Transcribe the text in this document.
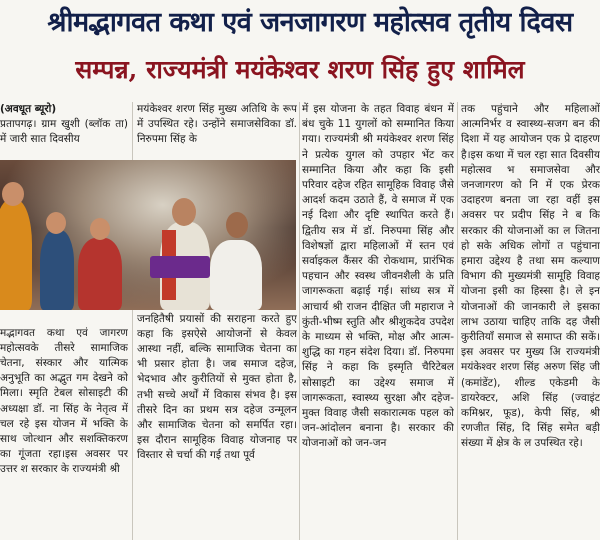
श्रीमद्भागवत कथा एवं जनजागरण महोत्सव तृतीय दिवस
सम्पन्न, राज्यमंत्री मयंकेश्वर शरण सिंह हुए शामिल

(अवधूत ब्यूरो)

प्रतापगढ़। ग्राम खुशी (ब्लॉक ता) में जारी सात दिवसीय

मद्भागवत कथा एवं जागरण महोत्सवके तीसरे सामाजिक चेतना, संस्कार और यात्मिक अनुभूति का अद्भुत गम देखने को मिला। स्मृति टेबल सोसाइटी की अध्यक्षा डॉ. ना सिंह के नेतृत्व में चल रहे इस योजन में भक्ति के साथ जोत्थान और सशक्तिकरण का गूंजता रहा।इस अवसर पर उत्तर श सरकार के राज्यमंत्री श्री

मयंकेश्वर शरण सिंह मुख्य अतिथि के रूप में उपस्थित रहे। उन्होंने समाजसेविका डॉ. निरुपमा सिंह के

जनहितैषी प्रयासों की सराहना करते हुए कहा कि इसऐसे आयोजनों से केवल आस्था नहीं, बल्कि सामाजिक चेतना का भी प्रसार होता है। जब समाज दहेज, भेदभाव और कुरीतियों से मुक्त होता है, तभी सच्चे अर्थों में विकास संभव है। इस तीसरे दिन का प्रथम सत्र दहेज उन्मूलन और सामाजिक चेतना को समर्पित रहा। इस दौरान सामूहिक विवाह योजनाह पर विस्तार से चर्चा की गई तथा पूर्व

में इस योजना के तहत विवाह बंधन में बंध चुके 11 युगलों को सम्मानित किया गया। राज्यमंत्री श्री मयंकेश्वर शरण सिंह ने प्रत्येक युगल को उपहार भेंट कर सम्मानित किया और कहा कि इसी परिवार दहेज रहित सामूहिक विवाह जैसे आदर्श कदम उठाते हैं, वे समाज में एक नई दिशा और दृष्टि स्थापित करते हैं। द्वितीय सत्र में डॉ. निरुपमा सिंह और विशेषज्ञों द्वारा महिलाओं में स्तन एवं सर्वाइकल कैंसर की रोकथाम, प्रारंभिक पहचान और स्वस्थ जीवनशैली के प्रति जागरूकता बढ़ाई गई। सांध्य सत्र में आचार्य श्री राजन दीक्षित जी महाराज ने कुंती-भीष्म स्तुति और श्रीशुकदेव उपदेश के माध्यम से भक्ति, मोक्ष और आत्म-शुद्धि का गहन संदेश दिया। डॉ. निरुपमा सिंह ने कहा कि इस्मृति चैरिटेबल सोसाइटी का उद्देश्य समाज में जागरूकता, स्वास्थ्य सुरक्षा और दहेज-मुक्त विवाह जैसी सकारात्मक पहल को जन-आंदोलन बनाना है। सरकार की योजनाओं को जन-जन
तक पहुंचाने और महिलाओं आत्मनिर्भर व स्वास्थ्य-सजग बन की दिशा में यह आयोजन एक प्रे दाहरण है।इस कथा में चल रहा सात दिवसीय महोत्सव भ समाजसेवा और जनजागरण को नि में एक प्रेरक उदाहरण बनता जा रहा वहीं इस अवसर पर प्रदीप सिंह ने ब कि सरकार की योजनाओं का ल जितना हो सके अधिक लोगों त पहुंचाना हमारा उद्देश्य है तथा सम कल्याण विभाग की मुख्यमंत्री सामूहि विवाह योजना इसी का हिस्सा है। ले इन योजनाओं की जानकारी ले इसका लाभ उठाया चाहिए ताकि दह जैसी कुरीतियाँ समाज से समाप्त की सकें। इस अवसर पर मुख्य अि राज्यमंत्री मयंकेश्वर शरण सिंह अरुण सिंह जी (कमांडेंट), शील्ड एकेडमी के डायरेक्टर, अशि सिंह (ज्वाइंट कमिश्नर, फूड), केपी सिंह, श्री रणजीत सिंह, दि सिंह समेत बड़ी संख्या में क्षेत्र के ल उपस्थित रहे।
